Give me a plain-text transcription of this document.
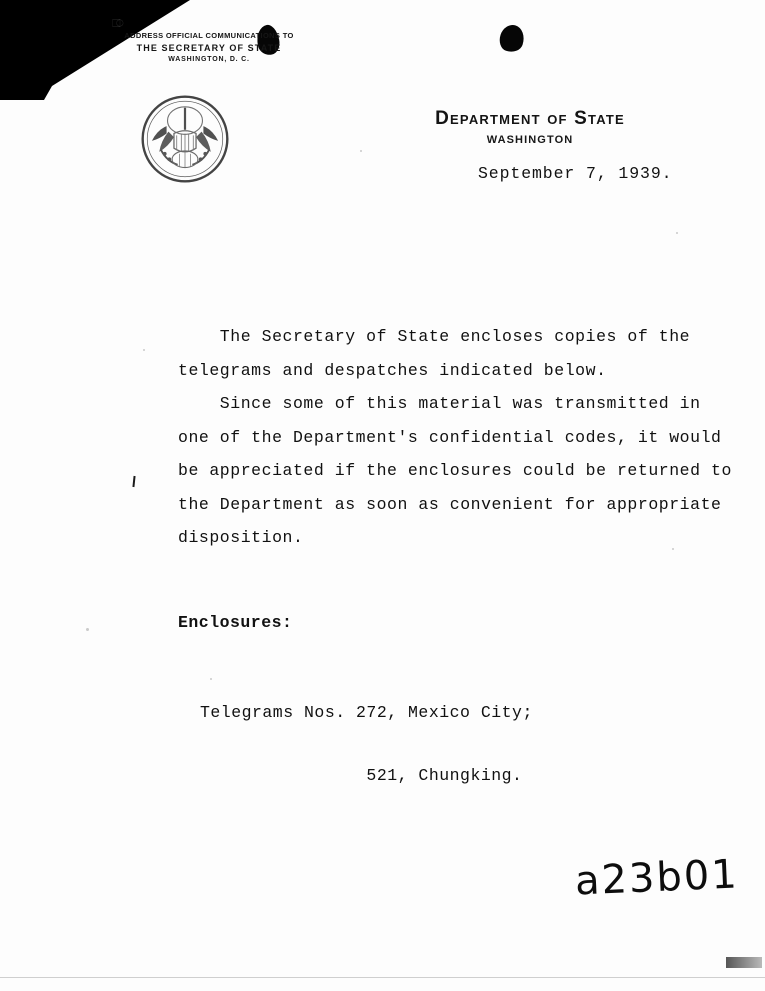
⎄
ADDRESS OFFICIAL COMMUNICATIONS TO
THE SECRETARY OF STATE
WASHINGTON, D. C.
Department of State
WASHINGTON
September 7, 1939.
The Secretary of State encloses copies of the
telegrams and despatches indicated below.
Since some of this material was transmitted in
one of the Department's confidential codes, it would
be appreciated if the enclosures could be returned to
the Department as soon as convenient for appropriate
disposition.
Enclosures:

Telegrams Nos. 272, Mexico City;

521, Chungking.

a23b01
